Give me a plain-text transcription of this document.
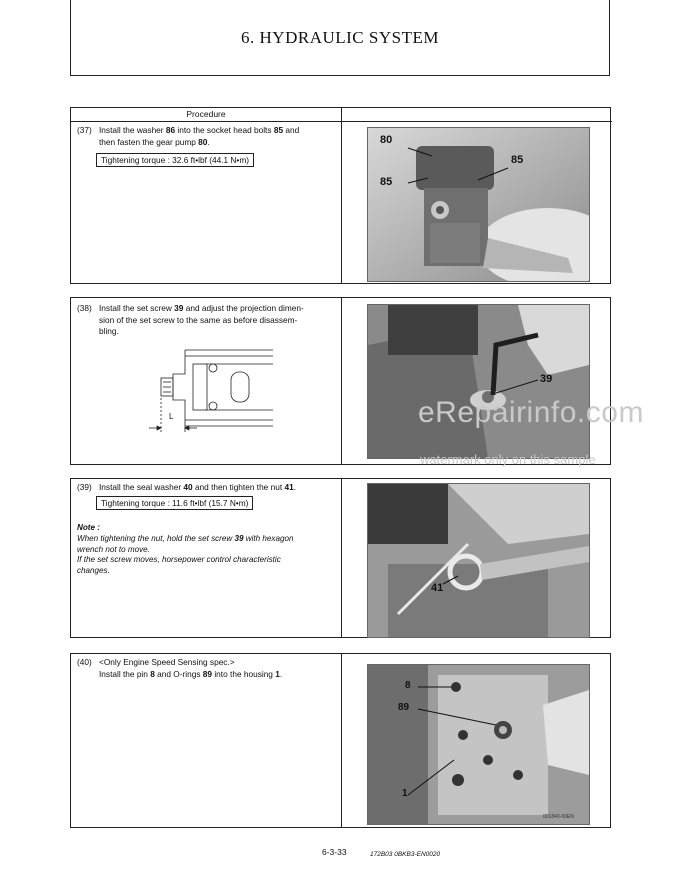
6. HYDRAULIC SYSTEM
Procedure
(37) Install the washer 86 into the socket head bolts 85 and
then fasten the gear pump 80.
Tightening torque : 32.6 ft•lbf (44.1 N•m)
80
85
85
(38) Install the set screw 39 and adjust the projection dimen-
sion of the set screw to the same as before disassem-
bling.
L
39
(39) Install the seal washer 40 and then tighten the nut 41.
Tightening torque : 11.6 ft•lbf (15.7 N•m)
Note :
When tightening the nut, hold the set screw 39 with hexagon
wrench not to move.
If the set screw moves, horsepower control characteristic
changes.
41
(40) <Only Engine Speed Sensing spec.>
Install the pin 8 and O-rings 89 into the housing 1.
8
89
1
001840-00EN
eRepairinfo.com
watermark only on this sample
6-3-33	172B03 0BKB3-EN0020
